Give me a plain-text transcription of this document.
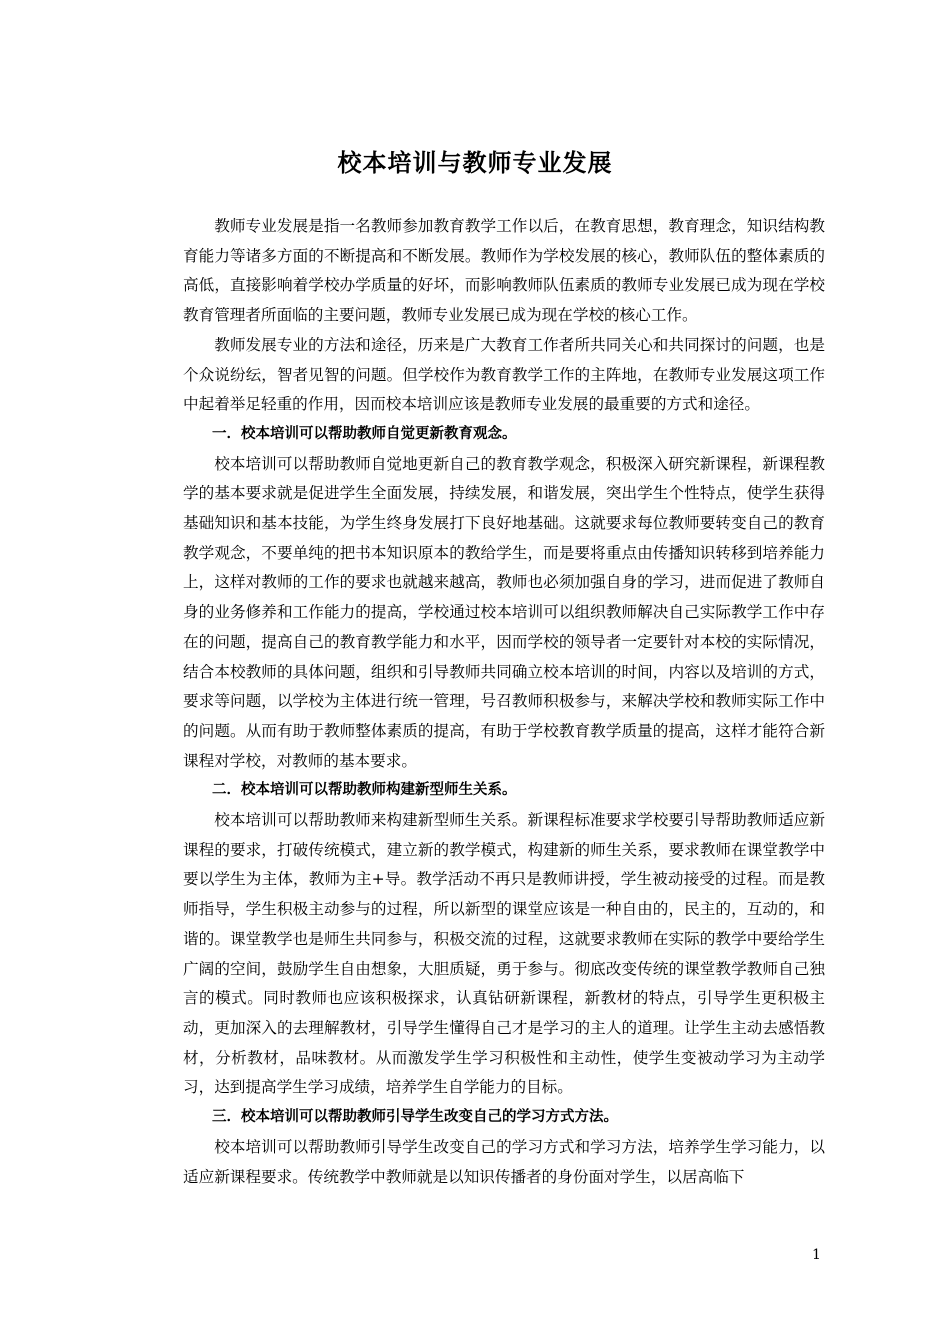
校本培训与教师专业发展

教师专业发展是指一名教师参加教育教学工作以后，在教育思想，教育理念，知识结构教育能力等诸多方面的不断提高和不断发展。教师作为学校发展的核心，教师队伍的整体素质的高低，直接影响着学校办学质量的好坏，而影响教师队伍素质的教师专业发展已成为现在学校教育管理者所面临的主要问题，教师专业发展已成为现在学校的核心工作。

教师发展专业的方法和途径，历来是广大教育工作者所共同关心和共同探讨的问题，也是个众说纷纭，智者见智的问题。但学校作为教育教学工作的主阵地，在教师专业发展这项工作中起着举足轻重的作用，因而校本培训应该是教师专业发展的最重要的方式和途径。

一．校本培训可以帮助教师自觉更新教育观念。

校本培训可以帮助教师自觉地更新自己的教育教学观念，积极深入研究新课程，新课程教学的基本要求就是促进学生全面发展，持续发展，和谐发展，突出学生个性特点，使学生获得基础知识和基本技能，为学生终身发展打下良好地基础。这就要求每位教师要转变自己的教育教学观念，不要单纯的把书本知识原本的教给学生，而是要将重点由传播知识转移到培养能力上，这样对教师的工作的要求也就越来越高，教师也必须加强自身的学习，进而促进了教师自身的业务修养和工作能力的提高，学校通过校本培训可以组织教师解决自己实际教学工作中存在的问题，提高自己的教育教学能力和水平，因而学校的领导者一定要针对本校的实际情况，结合本校教师的具体问题，组织和引导教师共同确立校本培训的时间，内容以及培训的方式，要求等问题，以学校为主体进行统一管理，号召教师积极参与，来解决学校和教师实际工作中的问题。从而有助于教师整体素质的提高，有助于学校教育教学质量的提高，这样才能符合新课程对学校，对教师的基本要求。

二．校本培训可以帮助教师构建新型师生关系。

校本培训可以帮助教师来构建新型师生关系。新课程标准要求学校要引导帮助教师适应新课程的要求，打破传统模式，建立新的教学模式，构建新的师生关系，要求教师在课堂教学中要以学生为主体，教师为主+导。教学活动不再只是教师讲授，学生被动接受的过程。而是教师指导，学生积极主动参与的过程，所以新型的课堂应该是一种自由的，民主的，互动的，和谐的。课堂教学也是师生共同参与，积极交流的过程，这就要求教师在实际的教学中要给学生广阔的空间，鼓励学生自由想象，大胆质疑，勇于参与。彻底改变传统的课堂教学教师自己独言的模式。同时教师也应该积极探求，认真钻研新课程，新教材的特点，引导学生更积极主动，更加深入的去理解教材，引导学生懂得自己才是学习的主人的道理。让学生主动去感悟教材，分析教材，品味教材。从而激发学生学习积极性和主动性，使学生变被动学习为主动学习，达到提高学生学习成绩，培养学生自学能力的目标。

三．校本培训可以帮助教师引导学生改变自己的学习方式方法。

校本培训可以帮助教师引导学生改变自己的学习方式和学习方法，培养学生学习能力，以适应新课程要求。传统教学中教师就是以知识传播者的身份面对学生，以居高临下

1
